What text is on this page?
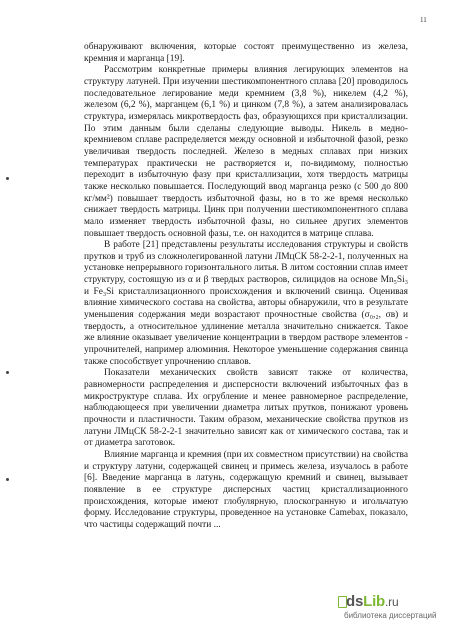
11

обнаруживают включения, которые состоят преимущественно из железа, кремния и марганца [19].

Рассмотрим конкретные примеры влияния легирующих элементов на структуру латуней. При изучении шестикомпонентного сплава [20] проводилось последовательное легирование меди кремнием (3,8 %), никелем (4,2 %), железом (6,2 %), марганцем (6,1 %) и цинком (7,8 %), а затем анализировалась структура, измерялась микротвердость фаз, образующихся при кристаллизации. По этим данным были сделаны следующие выводы. Никель в медно-кремниевом сплаве распределяется между основной и избыточной фазой, резко увеличивая твердость последней. Железо в медных сплавах при низких температурах практически не растворяется и, по-видимому, полностью переходит в избыточную фазу при кристаллизации, хотя твердость матрицы также несколько повышается. Последующий ввод марганца резко (с 500 до 800 кг/мм²) повышает твердость избыточной фазы, но в то же время несколько снижает твердость матрицы. Цинк при получении шестикомпонентного сплава мало изменяет твердость избыточной фазы, но сильнее других элементов повышает твердость основной фазы, т.е. он находится в матрице сплава.

В работе [21] представлены результаты исследования структуры и свойств прутков и труб из сложнолегированной латуни ЛМцСК 58-2-2-1, полученных на установке непрерывного горизонтального литья. В литом состоянии сплав имеет структуру, состоящую из α и β твердых растворов, силицидов на основе Mn₅Si₃ и Fe₃Si кристаллизационного происхождения и включений свинца. Оценивая влияние химического состава на свойства, авторы обнаружили, что в результате уменьшения содержания меди возрастают прочностные свойства (σ₀,₂, σв) и твердость, а относительное удлинение металла значительно снижается. Такое же влияние оказывает увеличение концентрации в твердом растворе элементов - упрочнителей, например алюминия. Некоторое уменьшение содержания свинца также способствует упрочнению сплавов.

Показатели механических свойств зависят также от количества, равномерности распределения и дисперсности включений избыточных фаз в микроструктуре сплава. Их огрубление и менее равномерное распределение, наблюдающееся при увеличении диаметра литых прутков, понижают уровень прочности и пластичности. Таким образом, механические свойства прутков из латуни ЛМцСК 58-2-2-1 значительно зависят как от химического состава, так и от диаметра заготовок.

Влияние марганца и кремния (при их совместном присутствии) на свойства и структуру латуни, содержащей свинец и примесь железа, изучалось в работе [6]. Введение марганца в латунь, содержащую кремний и свинец, вызывает появление в ее структуре дисперсных частиц кристаллизационного происхождения, которые имеют глобулярную, плоскогранную и игольчатую форму. Исследование структуры, проведенное на установке Camebax, показало, что частицы содержащий почти ...

dsLib.ru
библиотека диссертаций
